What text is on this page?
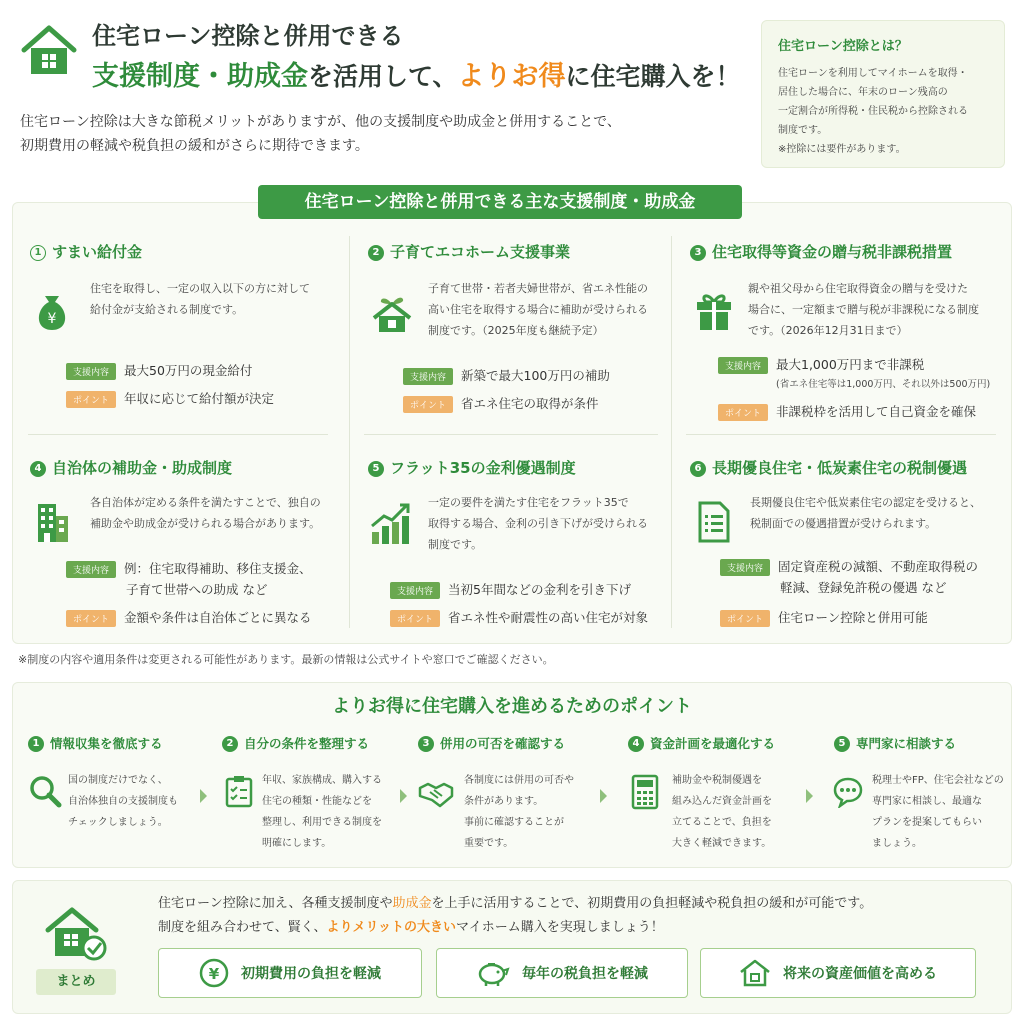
住宅ローン控除と併用できる
支援制度・助成金を活用して、よりお得に住宅購入を！
住宅ローン控除は大きな節税メリットがありますが、他の支援制度や助成金と併用することで、
初期費用の軽減や税負担の緩和がさらに期待できます。
住宅ローン控除とは？
住宅ローンを利用してマイホームを取得・
居住した場合に、年末のローン残高の
一定割合が所得税・住民税から控除される
制度です。
※控除には要件があります。
住宅ローン控除と併用できる主な支援制度・助成金
1 すまい給付金
¥
住宅を取得し、一定の収入以下の方に対して
給付金が支給される制度です。
支援内容 最大50万円の現金給付
ポイント 年収に応じて給付額が決定
2 子育てエコホーム支援事業
子育て世帯・若者夫婦世帯が、省エネ性能の
高い住宅を取得する場合に補助が受けられる
制度です。（2025年度も継続予定）
支援内容 新築で最大100万円の補助
ポイント 省エネ住宅の取得が条件
3 住宅取得等資金の贈与税非課税措置
親や祖父母から住宅取得資金の贈与を受けた
場合に、一定額まで贈与税が非課税になる制度
です。（2026年12月31日まで）
支援内容 最大1,000万円まで非課税
(省エネ住宅等は1,000万円、それ以外は500万円)
ポイント 非課税枠を活用して自己資金を確保
4 自治体の補助金・助成制度
各自治体が定める条件を満たすことで、独自の
補助金や助成金が受けられる場合があります。
支援内容 例：住宅取得補助、移住支援金、
子育て世帯への助成 など
ポイント 金額や条件は自治体ごとに異なる
5 フラット35の金利優遇制度
一定の要件を満たす住宅をフラット35で
取得する場合、金利の引き下げが受けられる
制度です。
支援内容 当初5年間などの金利を引き下げ
ポイント 省エネ性や耐震性の高い住宅が対象
6 長期優良住宅・低炭素住宅の税制優遇
長期優良住宅や低炭素住宅の認定を受けると、
税制面での優遇措置が受けられます。
支援内容 固定資産税の減額、不動産取得税の
軽減、登録免許税の優遇 など
ポイント 住宅ローン控除と併用可能
※制度の内容や適用条件は変更される可能性があります。最新の情報は公式サイトや窓口でご確認ください。
よりお得に住宅購入を進めるためのポイント
1 情報収集を徹底する
国の制度だけでなく、
自治体独自の支援制度も
チェックしましょう。
2 自分の条件を整理する
年収、家族構成、購入する
住宅の種類・性能などを
整理し、利用できる制度を
明確にします。
3 併用の可否を確認する
各制度には併用の可否や
条件があります。
事前に確認することが
重要です。
4 資金計画を最適化する
補助金や税制優遇を
組み込んだ資金計画を
立てることで、負担を
大きく軽減できます。
5 専門家に相談する
税理士やFP、住宅会社などの
専門家に相談し、最適な
プランを提案してもらい
ましょう。
まとめ
住宅ローン控除に加え、各種支援制度や助成金を上手に活用することで、初期費用の負担軽減や税負担の緩和が可能です。
制度を組み合わせて、賢く、よりメリットの大きいマイホーム購入を実現しましょう！
¥ 初期費用の負担を軽減	毎年の税負担を軽減	将来の資産価値を高める
